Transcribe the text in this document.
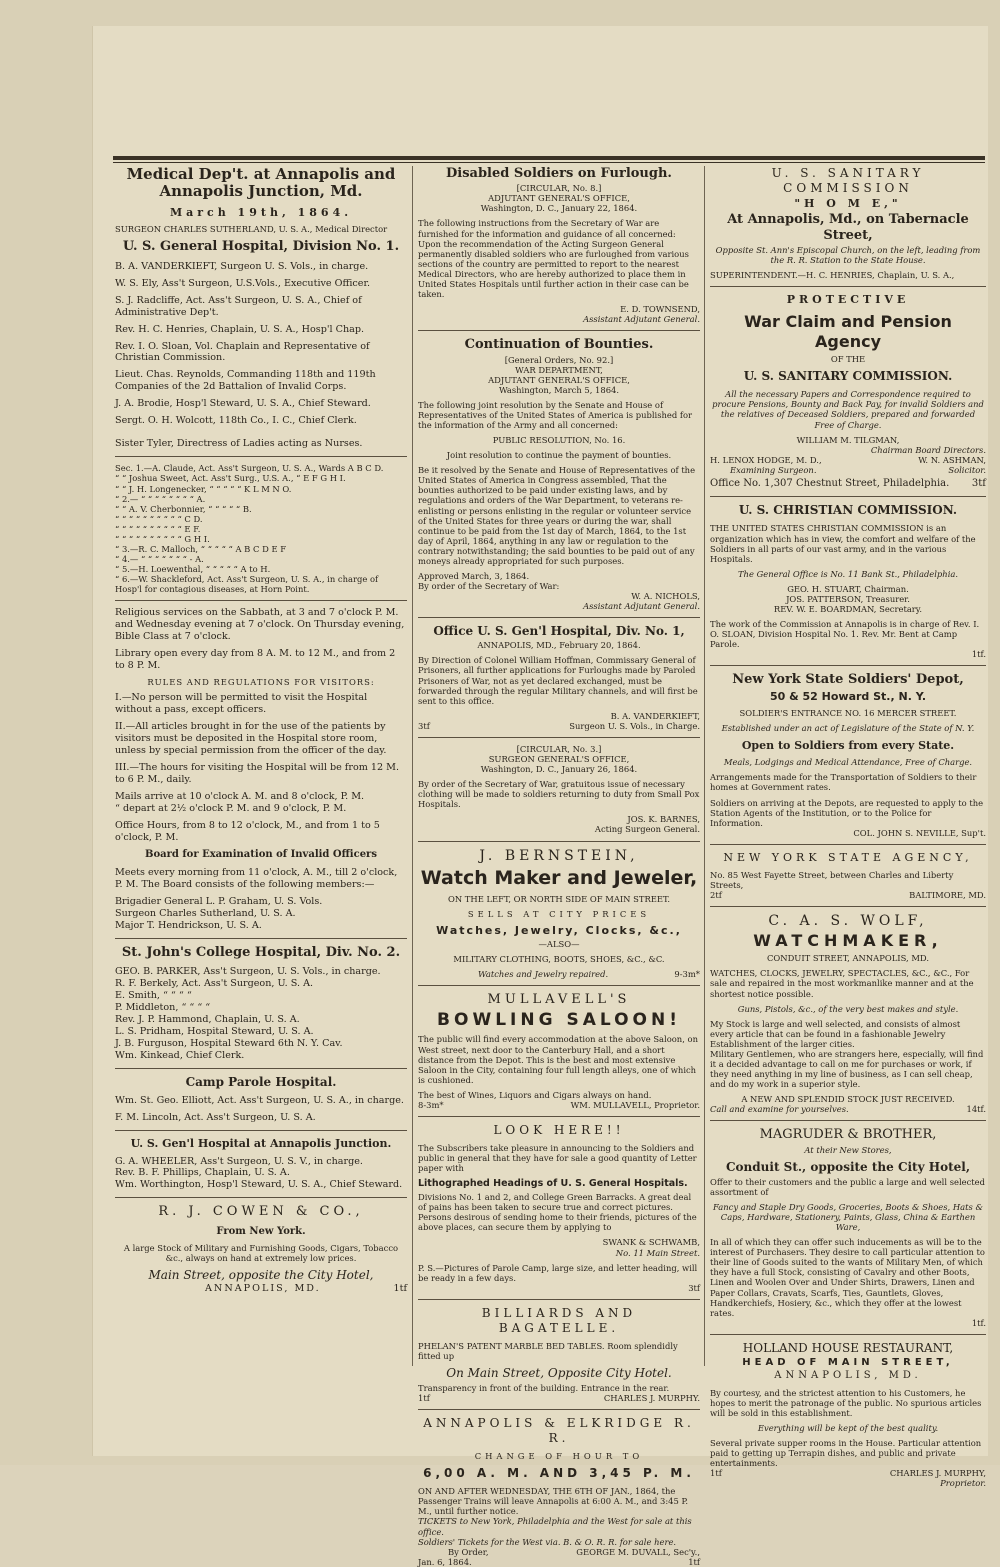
Medical Dep't. at Annapolis and Annapolis Junction, Md.

March 19th, 1864.

SURGEON CHARLES SUTHERLAND, U. S. A., Medical Director

U. S. General Hospital, Division No. 1.

B. A. VANDERKIEFT, Surgeon U. S. Vols., in charge.

W. S. Ely, Ass't Surgeon, U.S.Vols., Executive Officer.

S. J. Radcliffe, Act. Ass't Surgeon, U. S. A., Chief of Administrative Dep't.

Rev. H. C. Henries, Chaplain, U. S. A., Hosp'l Chap.

Rev. I. O. Sloan, Vol. Chaplain and Representative of Christian Commission.

Lieut. Chas. Reynolds, Commanding 118th and 119th Companies of the 2d Battalion of Invalid Corps.

J. A. Brodie, Hosp'l Steward, U. S. A., Chief Steward.

Sergt. O. H. Wolcott, 118th Co., I. C., Chief Clerk.

Sister Tyler, Directress of Ladies acting as Nurses.

Sec. 1.—A. Claude, Act. Ass't Surgeon, U. S. A., Wards A B C D.
“ “ Joshua Sweet, Act. Ass't Surg., U.S. A., “ E F G H I.
“ “ J. H. Longenecker, “ “ “ “ “ K L M N O.
“ 2.— “ “ “ “ “ “ “ “ A.
“ “ A. V. Cherbonnier, “ “ “ “ “ B.
“ “ “ “ “ “ “ “ “ “ C D.
“ “ “ “ “ “ “ “ “ “ E F.
“ “ “ “ “ “ “ “ “ “ G H I.
“ 3.—R. C. Malloch, “ “ “ “ “ A B C D E F
“ 4.— “ “ “ “ “ “ “ - A.
“ 5.—H. Loewenthal, “ “ “ “ “ A to H.
“ 6.—W. Shackleford, Act. Ass't Surgeon, U. S. A., in charge of Hosp'l for contagious diseases, at Horn Point.

Religious services on the Sabbath, at 3 and 7 o'clock P. M. and Wednesday evening at 7 o'clock. On Thursday evening, Bible Class at 7 o'clock.

Library open every day from 8 A. M. to 12 M., and from 2 to 8 P. M.

RULES AND REGULATIONS FOR VISITORS:

I.—No person will be permitted to visit the Hospital without a pass, except officers.

II.—All articles brought in for the use of the patients by visitors must be deposited in the Hospital store room, unless by special permission from the officer of the day.

III.—The hours for visiting the Hospital will be from 12 M. to 6 P. M., daily.

Mails arrive at 10 o'clock A. M. and 8 o'clock, P. M.

“ depart at 2½ o'clock P. M. and 9 o'clock, P. M.

Office Hours, from 8 to 12 o'clock, M., and from 1 to 5 o'clock, P. M.

Board for Examination of Invalid Officers

Meets every morning from 11 o'clock, A. M., till 2 o'clock, P. M. The Board consists of the following members:—

Brigadier General L. P. Graham, U. S. Vols.
Surgeon Charles Sutherland, U. S. A.

Major T. Hendrickson, U. S. A.

St. John's College Hospital, Div. No. 2.

GEO. B. PARKER, Ass't Surgeon, U. S. Vols., in charge.
R. F. Berkely, Act. Ass't Surgeon, U. S. A.
E. Smith, “ “ “ “
P. Middleton, “ “ “ “
Rev. J. P. Hammond, Chaplain, U. S. A.
L. S. Pridham, Hospital Steward, U. S. A.
J. B. Furguson, Hospital Steward 6th N. Y. Cav.

Wm. Kinkead, Chief Clerk.

Camp Parole Hospital.

Wm. St. Geo. Elliott, Act. Ass't Surgeon, U. S. A., in charge.

F. M. Lincoln, Act. Ass't Surgeon, U. S. A.

U. S. Gen'l Hospital at Annapolis Junction.

G. A. WHEELER, Ass't Surgeon, U. S. V., in charge.
Rev. B. F. Phillips, Chaplain, U. S. A.

Wm. Worthington, Hosp'l Steward, U. S. A., Chief Steward.

R. J. COWEN & CO.,

From New York.

A large Stock of Military and Furnishing Goods, Cigars, Tobacco &c., always on hand at extremely low prices.

Main Street, opposite the City Hotel,

ANNAPOLIS, MD.	1tf

Disabled Soldiers on Furlough.

[CIRCULAR, No. 8.]
ADJUTANT GENERAL'S OFFICE,

Washington, D. C., January 22, 1864.

The following instructions from the Secretary of War are furnished for the information and guidance of all concerned: Upon the recommendation of the Acting Surgeon General permanently disabled soldiers who are furloughed from various sections of the country are permitted to report to the nearest Medical Directors, who are hereby authorized to place them in United States Hospitals until further action in their case can be taken.

E. D. TOWNSEND,

Assistant Adjutant General.

Continuation of Bounties.

[General Orders, No. 92.]
WAR DEPARTMENT,
ADJUTANT GENERAL'S OFFICE,

Washington, March 5, 1864.

The following joint resolution by the Senate and House of Representatives of the United States of America is published for the information of the Army and all concerned:

PUBLIC RESOLUTION, No. 16.

Joint resolution to continue the payment of bounties.

Be it resolved by the Senate and House of Representatives of the United States of America in Congress assembled, That the bounties authorized to be paid under existing laws, and by regulations and orders of the War Department, to veterans re-enlisting or persons enlisting in the regular or volunteer service of the United States for three years or during the war, shall continue to be paid from the 1st day of March, 1864, to the 1st day of April, 1864, anything in any law or regulation to the contrary notwithstanding; the said bounties to be paid out of any moneys already appropriated for such purposes.

Approved March, 3, 1864.
By order of the Secretary of War:
W. A. NICHOLS,

Assistant Adjutant General.

Office U. S. Gen'l Hospital, Div. No. 1,

ANNAPOLIS, MD., February 20, 1864.

By Direction of Colonel William Hoffman, Commissary General of Prisoners, all further applications for Furloughs made by Paroled Prisoners of War, not as yet declared exchanged, must be forwarded through the regular Military channels, and will first be sent to this office.

B. A. VANDERKIEFT,
3tf	Surgeon U. S. Vols., in Charge.
[CIRCULAR, No. 3.]
SURGEON GENERAL'S OFFICE,

Washington, D. C., January 26, 1864.

By order of the Secretary of War, gratuitous issue of necessary clothing will be made to soldiers returning to duty from Small Pox Hospitals.

JOS. K. BARNES,

Acting Surgeon General.

J. BERNSTEIN,

Watch Maker and Jeweler,

ON THE LEFT, OR NORTH SIDE OF MAIN STREET.

SELLS AT CITY PRICES

Watches, Jewelry, Clocks, &c.,

—ALSO—

MILITARY CLOTHING, BOOTS, SHOES, &C., &C.

Watches and Jewelry repaired.	9-3m*

MULLAVELL'S

BOWLING SALOON!

The public will find every accommodation at the above Saloon, on West street, next door to the Canterbury Hall, and a short distance from the Depot. This is the best and most extensive Saloon in the City, containing four full length alleys, one of which is cushioned.

The best of Wines, Liquors and Cigars always on hand.
8-3m*	WM. MULLAVELL, Proprietor.

LOOK HERE!!

The Subscribers take pleasure in announcing to the Soldiers and public in general that they have for sale a good quantity of Letter paper with

Lithographed Headings of U. S. General Hospitals.

Divisions No. 1 and 2, and College Green Barracks. A great deal of pains has been taken to secure true and correct pictures. Persons desirous of sending home to their friends, pictures of the above places, can secure them by applying to

SWANK & SCHWAMB,

No. 11 Main Street.

P. S.—Pictures of Parole Camp, large size, and letter heading, will be ready in a few days.

3tf

BILLIARDS AND BAGATELLE.

PHELAN'S PATENT MARBLE BED TABLES. Room splendidly fitted up

On Main Street, Opposite City Hotel.

Transparency in front of the building. Entrance in the rear.
1tf	CHARLES J. MURPHY.

ANNAPOLIS & ELKRIDGE R. R.

CHANGE OF HOUR TO

6,00 A. M. AND 3,45 P. M.

ON AND AFTER WEDNESDAY, THE 6TH OF JAN., 1864, the Passenger Trains will leave Annapolis at 6:00 A. M., and 3:45 P. M., until further notice.
TICKETS to New York, Philadelphia and the West for sale at this office.
Soldiers' Tickets for the West via. B. & O. R. R. for sale here.
By Order,	GEORGE M. DUVALL, Sec'y.,
Jan. 6, 1864.	1tf

U. S. SANITARY COMMISSION

"H O M E,"

At Annapolis, Md., on Tabernacle Street,

Opposite St. Ann's Episcopal Church, on the left, leading from the R. R. Station to the State House.

SUPERINTENDENT.—H. C. HENRIES, Chaplain, U. S. A.,

PROTECTIVE

War Claim and Pension Agency

OF THE

U. S. SANITARY COMMISSION.

All the necessary Papers and Correspondence required to procure Pensions, Bounty and Back Pay, for invalid Soldiers and the relatives of Deceased Soldiers, prepared and forwarded Free of Charge.

WILLIAM M. TILGMAN,
Chairman Board Directors.
H. LENOX HODGE, M. D.,	W. N. ASHMAN,
Examining Surgeon.	Solicitor.
Office No. 1,307 Chestnut Street, Philadelphia. 3tf

U. S. CHRISTIAN COMMISSION.

THE UNITED STATES CHRISTIAN COMMISSION is an organization which has in view, the comfort and welfare of the Soldiers in all parts of our vast army, and in the various Hospitals.

The General Office is No. 11 Bank St., Philadelphia.

GEO. H. STUART, Chairman.
JOS. PATTERSON, Treasurer.

REV. W. E. BOARDMAN, Secretary.

The work of the Commission at Annapolis is in charge of Rev. I. O. SLOAN, Division Hospital No. 1. Rev. Mr. Bent at Camp Parole.

1tf.

New York State Soldiers' Depot,

50 & 52 Howard St., N. Y.

SOLDIER'S ENTRANCE NO. 16 MERCER STREET.

Established under an act of Legislature of the State of N. Y.

Open to Soldiers from every State.

Meals, Lodgings and Medical Attendance, Free of Charge.

Arrangements made for the Transportation of Soldiers to their homes at Government rates.

Soldiers on arriving at the Depots, are requested to apply to the Station Agents of the Institution, or to the Police for Information.

COL. JOHN S. NEVILLE, Sup't.

NEW YORK STATE AGENCY,

No. 85 West Fayette Street, between Charles and Liberty Streets,
2tf	BALTIMORE, MD.

C. A. S. WOLF,

WATCHMAKER,

CONDUIT STREET, ANNAPOLIS, MD.

WATCHES, CLOCKS, JEWELRY, SPECTACLES, &C., &C., For sale and repaired in the most workmanlike manner and at the shortest notice possible.

Guns, Pistols, &c., of the very best makes and style.

My Stock is large and well selected, and consists of almost every article that can be found in a fashionable Jewelry Establishment of the larger cities.

Military Gentlemen, who are strangers here, especially, will find it a decided advantage to call on me for purchases or work, if they need anything in my line of business, as I can sell cheap, and do my work in a superior style.

A NEW AND SPLENDID STOCK JUST RECEIVED.
Call and examine for yourselves.	14tf.

MAGRUDER & BROTHER,

At their New Stores,

Conduit St., opposite the City Hotel,

Offer to their customers and the public a large and well selected assortment of

Fancy and Staple Dry Goods, Groceries, Boots & Shoes, Hats & Caps, Hardware, Stationery, Paints, Glass, China & Earthen Ware,

In all of which they can offer such inducements as will be to the interest of Purchasers. They desire to call particular attention to their line of Goods suited to the wants of Military Men, of which they have a full Stock, consisting of Cavalry and other Boots, Linen and Woolen Over and Under Shirts, Drawers, Linen and Paper Collars, Cravats, Scarfs, Ties, Gauntlets, Gloves, Handkerchiefs, Hosiery, &c., which they offer at the lowest rates.

1tf.

HOLLAND HOUSE RESTAURANT,

HEAD OF MAIN STREET,

ANNAPOLIS, MD.

By courtesy, and the strictest attention to his Customers, he hopes to merit the patronage of the public. No spurious articles will be sold in this establishment.

Everything will be kept of the best quality.

Several private supper rooms in the House. Particular attention paid to getting up Terrapin dishes, and public and private entertainments.
1tf	CHARLES J. MURPHY,
Proprietor.
